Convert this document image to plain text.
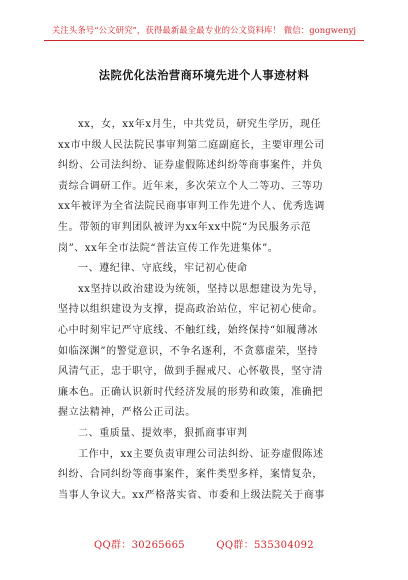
关注头条号“公文研究”，获得最新最全最专业的公文资料库！ 微信：gongwenyj
法院优化法治营商环境先进个人事迹材料
xx，女，xx年x月生，中共党员，研究生学历，现任
xx市中级人民法院民事审判第二庭副庭长，主要审理公司
纠纷、公司法纠纷、证券虚假陈述纠纷等商事案件，并负
责综合调研工作。近年来，多次荣立个人二等功、三等功
xx年被评为全省法院民商事审判工作先进个人、优秀选调
生。带领的审判团队被评为xx年xx中院“为民服务示范
岗”、xx年全市法院“普法宣传工作先进集体”。
一、遵纪律、守底线，牢记初心使命
xx坚持以政治建设为统领，坚持以思想建设为先导，
坚持以组织建设为支撑，提高政治站位，牢记初心使命。
心中时刻牢记严守底线、不触红线，始终保持“如履薄冰
如临深渊”的警觉意识，不争名逐利，不贪慕虚荣，坚持
风清气正，忠于职守，做到手握戒尺、心怀敬畏，坚守清
廉本色。正确认识新时代经济发展的形势和政策，准确把
握立法精神，严格公正司法。
二、重质量、提效率，狠抓商事审判
工作中，xx主要负责审理公司法纠纷、证券虚假陈述
纠纷、合同纠纷等商事案件，案件类型多样，案情复杂，
当事人争议大。xx严格落实省、市委和上级法院关于商事
QQ群：30265665	QQ群：535304092
